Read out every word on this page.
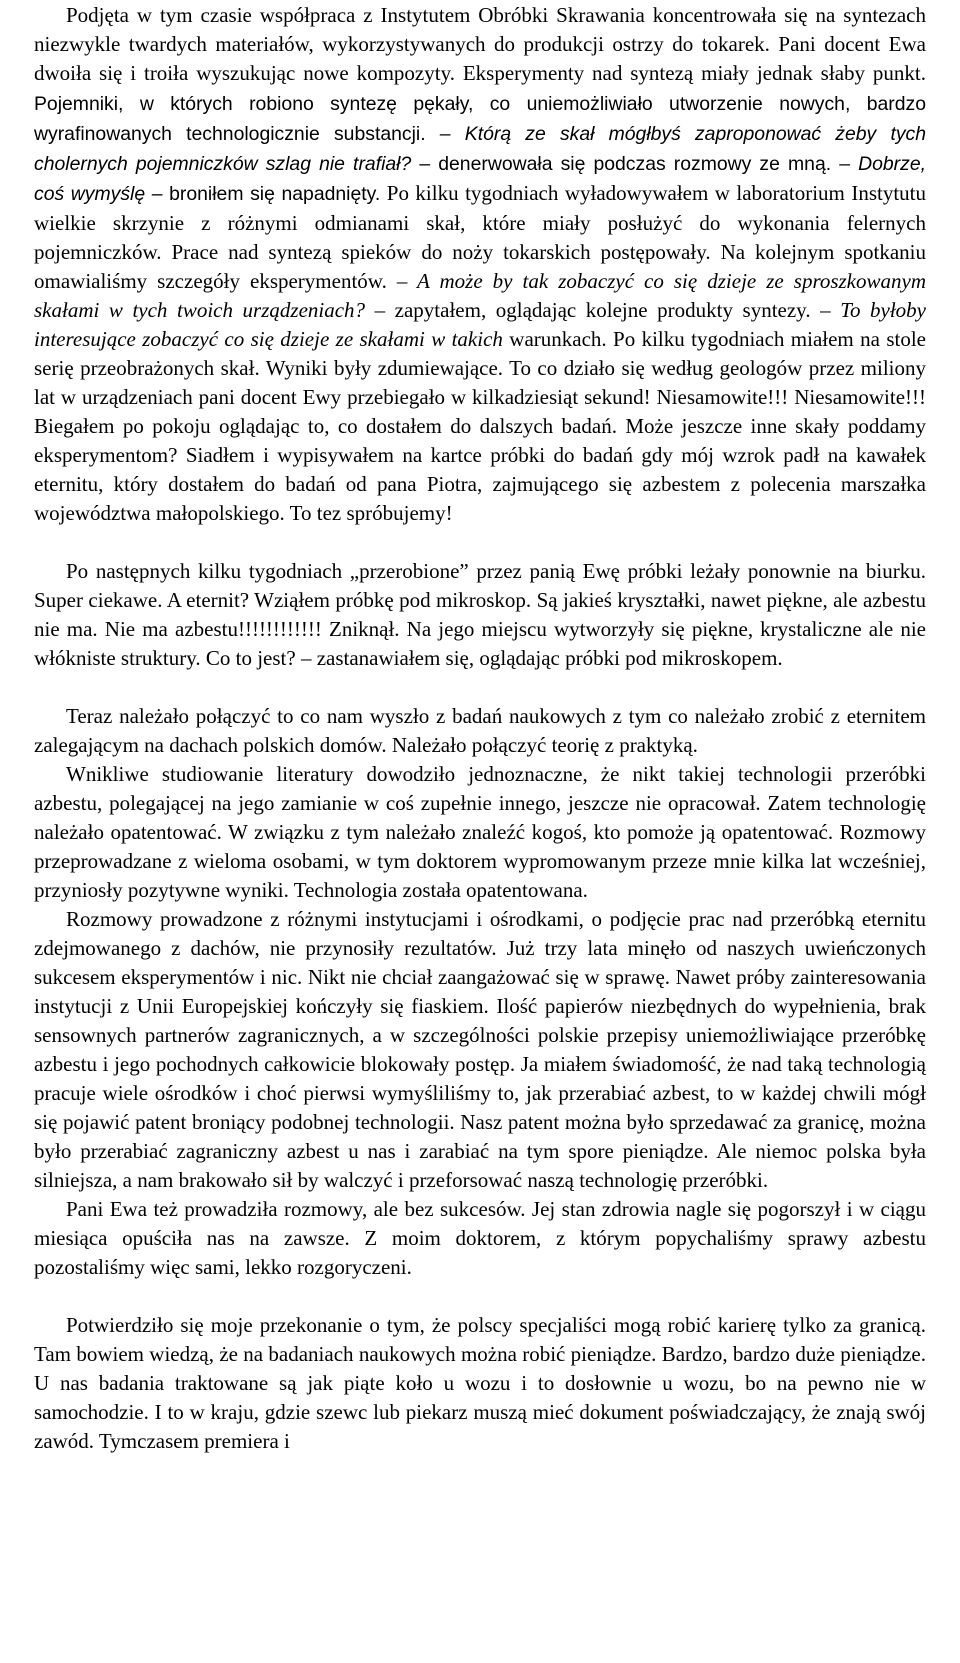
Podjęta w tym czasie współpraca z Instytutem Obróbki Skrawania koncentrowała się na syntezach niezwykle twardych materiałów, wykorzystywanych do produkcji ostrzy do tokarek. Pani docent Ewa dwoiła się i troiła wyszukując nowe kompozyty. Eksperymenty nad syntezą miały jednak słaby punkt. Pojemniki, w których robiono syntezę pękały, co uniemożliwiało utworzenie nowych, bardzo wyrafinowanych technologicznie substancji. – Którą ze skał mógłbyś zaproponować żeby tych cholernych pojemniczków szlag nie trafiał? – denerwowała się podczas rozmowy ze mną. – Dobrze, coś wymyślę – broniłem się napadnięty. Po kilku tygodniach wyładowywałem w laboratorium Instytutu wielkie skrzynie z różnymi odmianami skał, które miały posłużyć do wykonania felernych pojemniczków. Prace nad syntezą spieków do noży tokarskich postępowały. Na kolejnym spotkaniu omawialiśmy szczegóły eksperymentów. – A może by tak zobaczyć co się dzieje ze sproszkowanym skałami w tych twoich urządzeniach? – zapytałem, oglądając kolejne produkty syntezy. – To byłoby interesujące zobaczyć co się dzieje ze skałami w takich warunkach. Po kilku tygodniach miałem na stole serię przeobrażonych skał. Wyniki były zdumiewające. To co działo się według geologów przez miliony lat w urządzeniach pani docent Ewy przebiegało w kilkadziesiąt sekund! Niesamowite!!! Niesamowite!!! Biegałem po pokoju oglądając to, co dostałem do dalszych badań. Może jeszcze inne skały poddamy eksperymentom? Siadłem i wypisywałem na kartce próbki do badań gdy mój wzrok padł na kawałek eternitu, który dostałem do badań od pana Piotra, zajmującego się azbestem z polecenia marszałka województwa małopolskiego. To tez spróbujemy!

Po następnych kilku tygodniach „przerobione” przez panią Ewę próbki leżały ponownie na biurku. Super ciekawe. A eternit? Wziąłem próbkę pod mikroskop. Są jakieś kryształki, nawet piękne, ale azbestu nie ma. Nie ma azbestu!!!!!!!!!!!! Zniknął. Na jego miejscu wytworzyły się piękne, krystaliczne ale nie włókniste struktury. Co to jest? – zastanawiałem się, oglądając próbki pod mikroskopem.

Teraz należało połączyć to co nam wyszło z badań naukowych z tym co należało zrobić z eternitem zalegającym na dachach polskich domów. Należało połączyć teorię z praktyką.

Wnikliwe studiowanie literatury dowodziło jednoznaczne, że nikt takiej technologii przeróbki azbestu, polegającej na jego zamianie w coś zupełnie innego, jeszcze nie opracował. Zatem technologię należało opatentować. W związku z tym należało znaleźć kogoś, kto pomoże ją opatentować. Rozmowy przeprowadzane z wieloma osobami, w tym doktorem wypromowanym przeze mnie kilka lat wcześniej, przyniosły pozytywne wyniki. Technologia została opatentowana.

Rozmowy prowadzone z różnymi instytucjami i ośrodkami, o podjęcie prac nad przeróbką eternitu zdejmowanego z dachów, nie przynosiły rezultatów. Już trzy lata minęło od naszych uwieńczonych sukcesem eksperymentów i nic. Nikt nie chciał zaangażować się w sprawę. Nawet próby zainteresowania instytucji z Unii Europejskiej kończyły się fiaskiem. Ilość papierów niezbędnych do wypełnienia, brak sensownych partnerów zagranicznych, a w szczególności polskie przepisy uniemożliwiające przeróbkę azbestu i jego pochodnych całkowicie blokowały postęp. Ja miałem świadomość, że nad taką technologią pracuje wiele ośrodków i choć pierwsi wymyśliliśmy to, jak przerabiać azbest, to w każdej chwili mógł się pojawić patent broniący podobnej technologii. Nasz patent można było sprzedawać za granicę, można było przerabiać zagraniczny azbest u nas i zarabiać na tym spore pieniądze. Ale niemoc polska była silniejsza, a nam brakowało sił by walczyć i przeforsować naszą technologię przeróbki.

Pani Ewa też prowadziła rozmowy, ale bez sukcesów. Jej stan zdrowia nagle się pogorszył i w ciągu miesiąca opuściła nas na zawsze. Z moim doktorem, z którym popychaliśmy sprawy azbestu pozostaliśmy więc sami, lekko rozgoryczeni.

Potwierdziło się moje przekonanie o tym, że polscy specjaliści mogą robić karierę tylko za granicą. Tam bowiem wiedzą, że na badaniach naukowych można robić pieniądze. Bardzo, bardzo duże pieniądze. U nas badania traktowane są jak piąte koło u wozu i to dosłownie u wozu, bo na pewno nie w samochodzie. I to w kraju, gdzie szewc lub piekarz muszą mieć dokument poświadczający, że znają swój zawód. Tymczasem premiera i
